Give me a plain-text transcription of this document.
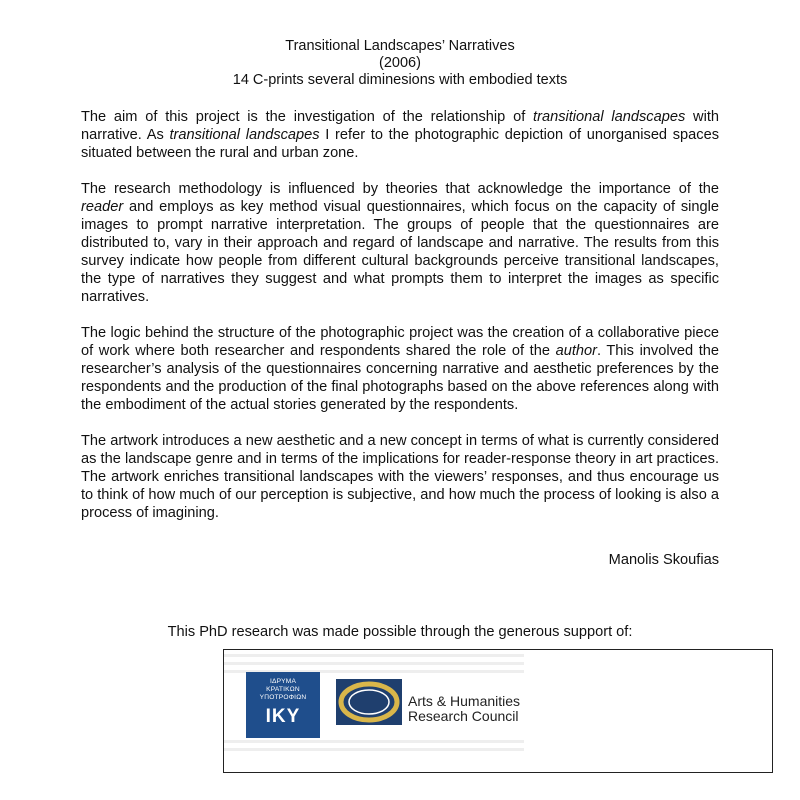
Transitional Landscapes’ Narratives
(2006)
14 C-prints several diminesions with embodied texts

The aim of this project is the investigation of the relationship of transitional landscapes with narrative. As transitional landscapes I refer to the photographic depiction of unorganised spaces situated between the rural and urban zone.

The research methodology is influenced by theories that acknowledge the importance of the reader and employs as key method visual questionnaires, which focus on the capacity of single images to prompt narrative interpretation. The groups of people that the questionnaires are distributed to, vary in their approach and regard of landscape and narrative. The results from this survey indicate how people from different cultural backgrounds perceive transitional landscapes, the type of narratives they suggest and what prompts them to interpret the images as specific narratives.

The logic behind the structure of the photographic project was the creation of a collaborative piece of work where both researcher and respondents shared the role of the author. This involved the researcher’s analysis of the questionnaires concerning narrative and aesthetic preferences by the respondents and the production of the final photographs based on the above references along with the embodiment of the actual stories generated by the respondents.

The artwork introduces a new aesthetic and a new concept in terms of what is currently considered as the landscape genre and in terms of the implications for reader-response theory in art practices. The artwork enriches transitional landscapes with the viewers’ responses, and thus encourage us to think of how much of our perception is subjective, and how much the process of looking is also a process of imagining.

Manolis Skoufias
This PhD research was made possible through the generous support of:
ΙΔΡΥΜΑ
ΚΡΑΤΙΚΩΝ
ΥΠΟΤΡΟΦΙΩΝ
IKY
Arts & Humanities
Research Council
